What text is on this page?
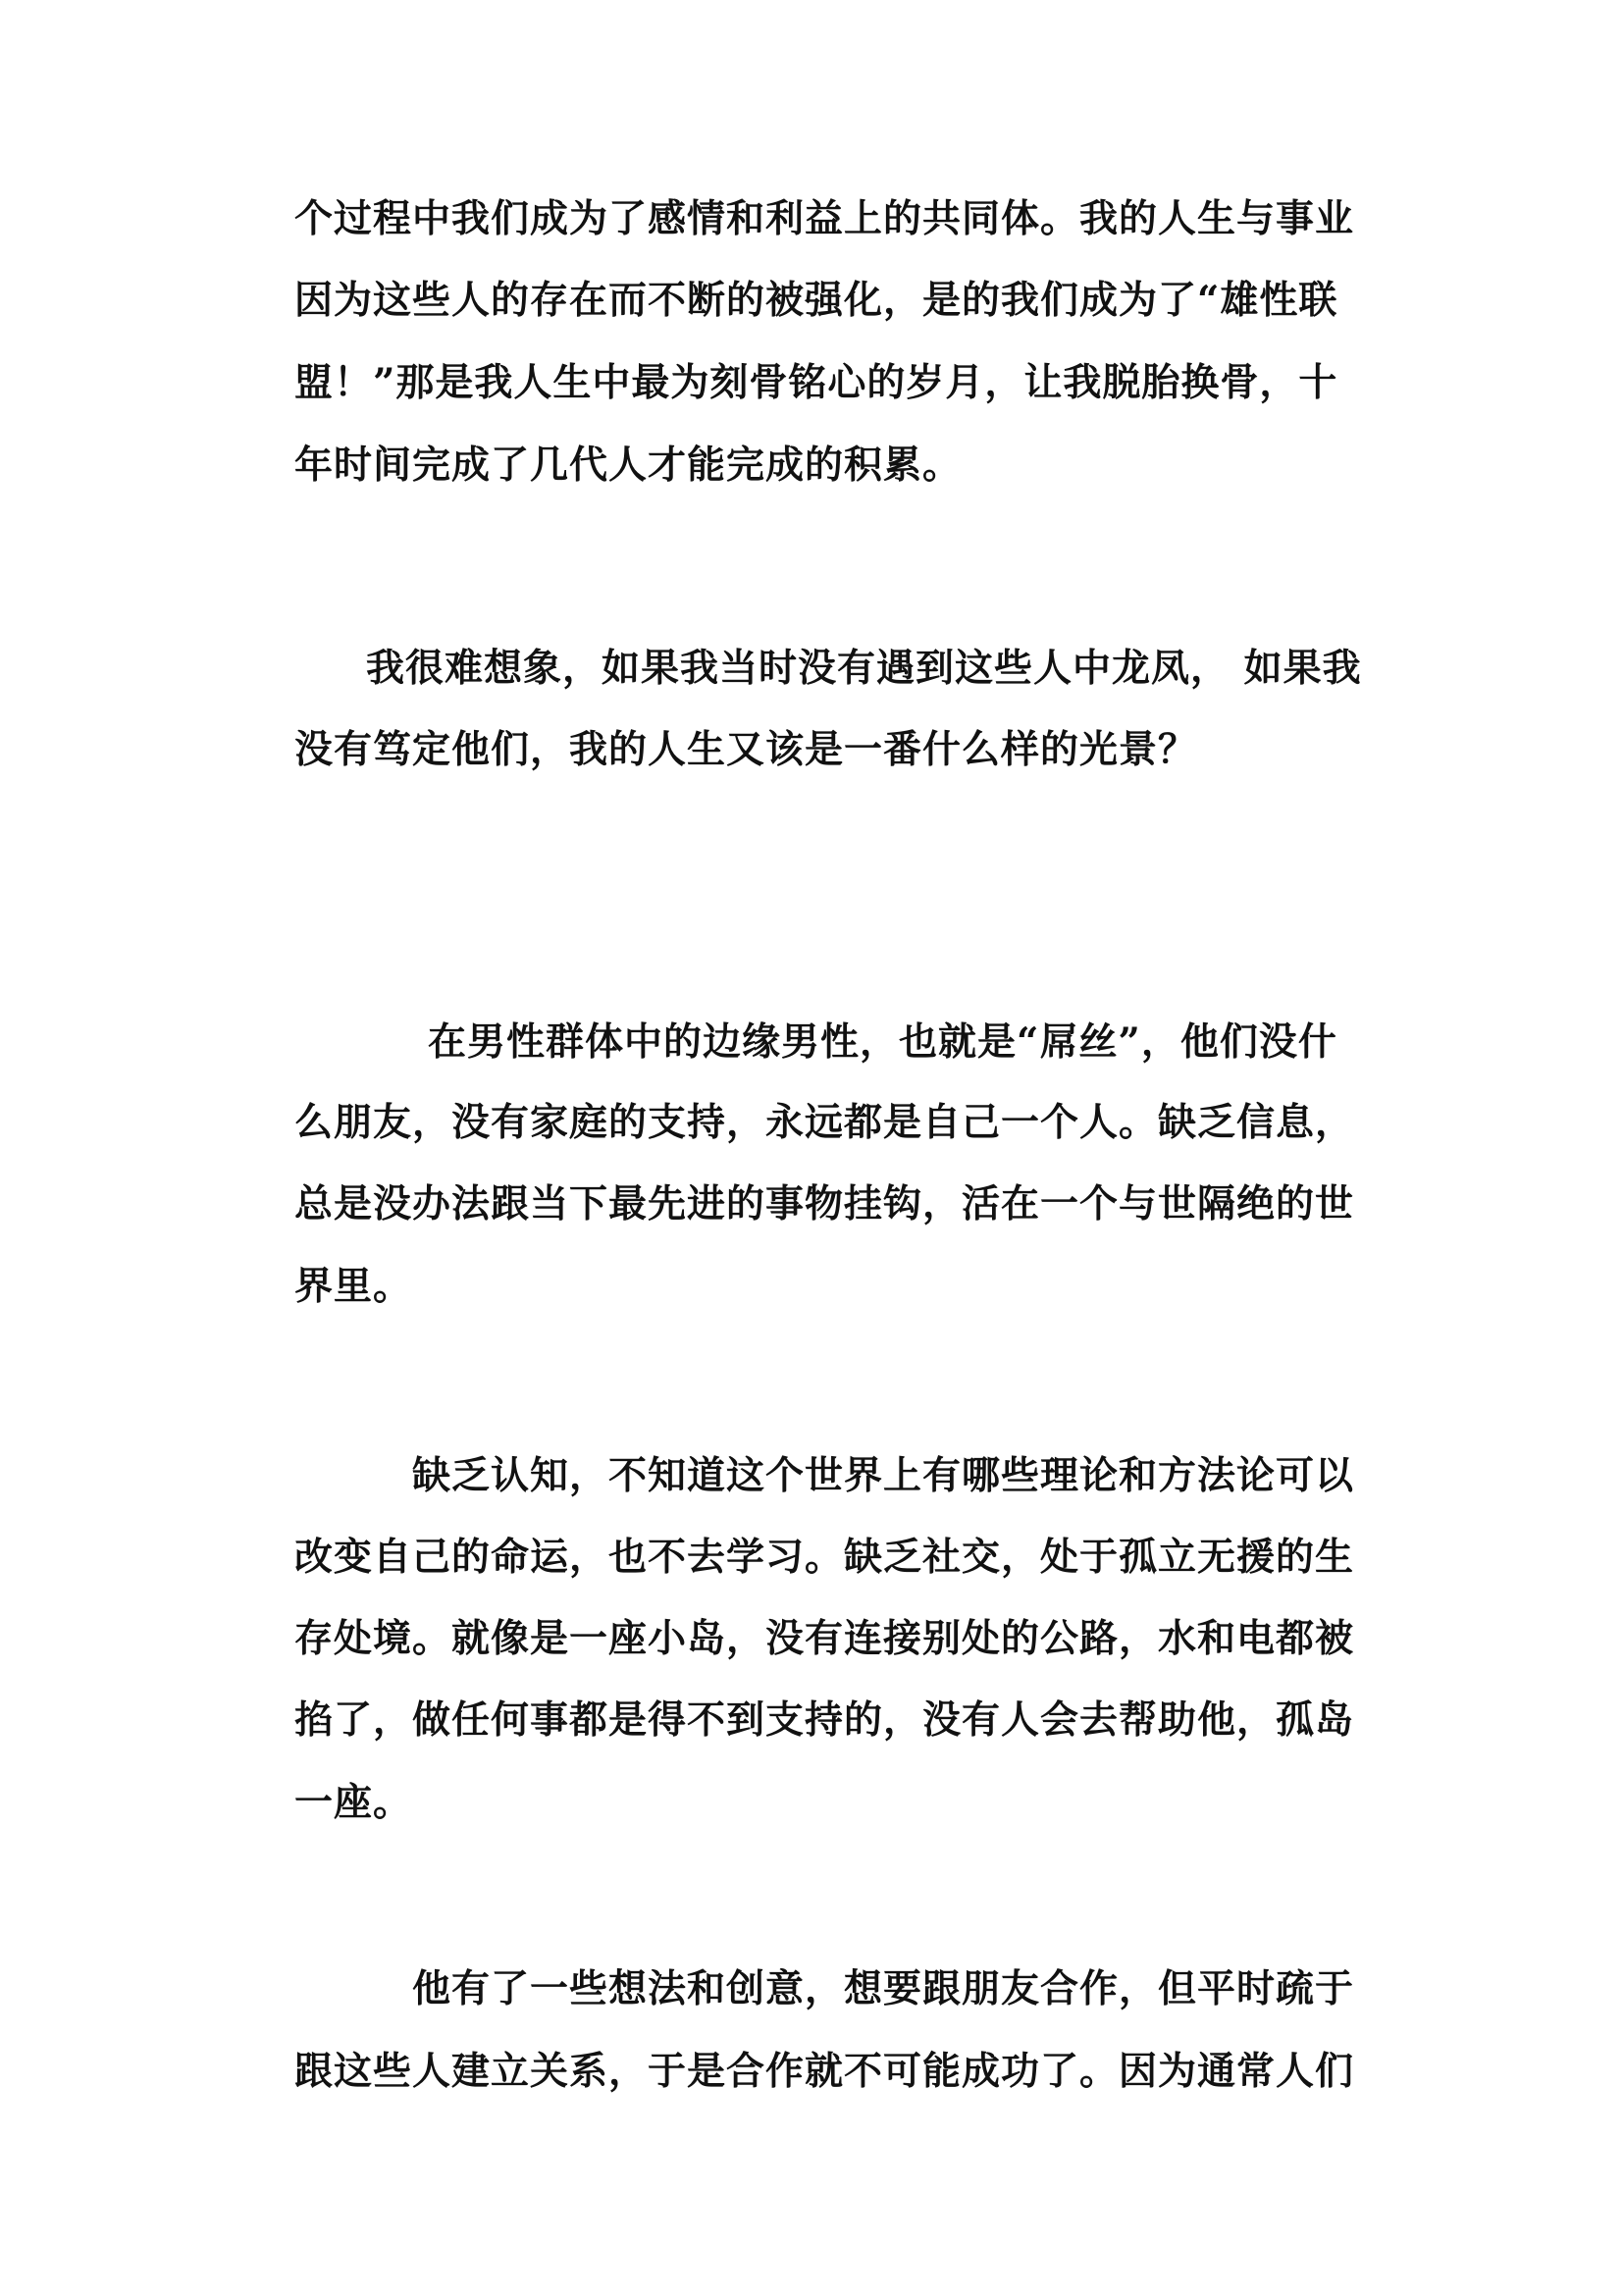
个过程中我们成为了感情和利益上的共同体。我的人生与事业
因为这些人的存在而不断的被强化，是的我们成为了“雄性联
盟！”那是我人生中最为刻骨铭心的岁月，让我脱胎换骨，十
年时间完成了几代人才能完成的积累。
我很难想象，如果我当时没有遇到这些人中龙凤， 如果我
没有笃定他们，我的人生又该是一番什么样的光景？
在男性群体中的边缘男性，也就是“屌丝”，他们没什
么朋友，没有家庭的支持，永远都是自己一个人。缺乏信息，
总是没办法跟当下最先进的事物挂钩，活在一个与世隔绝的世
界里。
缺乏认知，不知道这个世界上有哪些理论和方法论可以
改变自己的命运，也不去学习。缺乏社交，处于孤立无援的生
存处境。就像是一座小岛，没有连接别处的公路，水和电都被
掐了，做任何事都是得不到支持的，没有人会去帮助他，孤岛
一座。
他有了一些想法和创意，想要跟朋友合作，但平时疏于
跟这些人建立关系，于是合作就不可能成功了。因为通常人们
